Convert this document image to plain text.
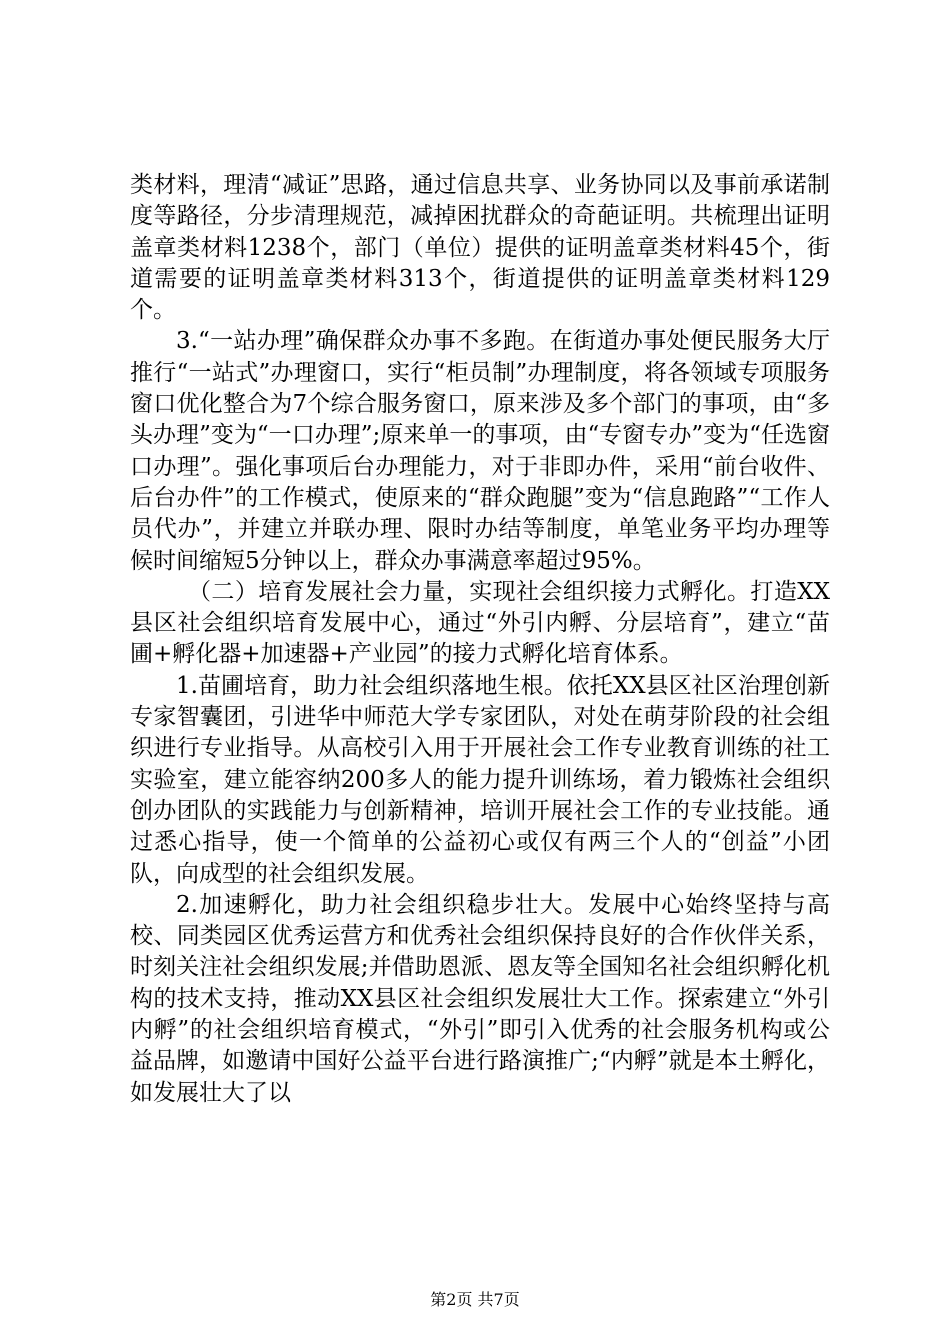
类材料，理清“减证”思路，通过信息共享、业务协同以及事前承诺制度等路径，分步清理规范，减掉困扰群众的奇葩证明。共梳理出证明盖章类材料1238个，部门（单位）提供的证明盖章类材料45个，街道需要的证明盖章类材料313个，街道提供的证明盖章类材料129个。

3.“一站办理”确保群众办事不多跑。在街道办事处便民服务大厅推行“一站式”办理窗口，实行“柜员制”办理制度，将各领域专项服务窗口优化整合为7个综合服务窗口，原来涉及多个部门的事项，由“多头办理”变为“一口办理”;原来单一的事项，由“专窗专办”变为“任选窗口办理”。强化事项后台办理能力，对于非即办件，采用“前台收件、后台办件”的工作模式，使原来的“群众跑腿”变为“信息跑路”“工作人员代办”，并建立并联办理、限时办结等制度，单笔业务平均办理等候时间缩短5分钟以上，群众办事满意率超过95%。

（二）培育发展社会力量，实现社会组织接力式孵化。打造XX县区社会组织培育发展中心，通过“外引内孵、分层培育”，建立“苗圃+孵化器+加速器+产业园”的接力式孵化培育体系。

1.苗圃培育，助力社会组织落地生根。依托XX县区社区治理创新专家智囊团，引进华中师范大学专家团队，对处在萌芽阶段的社会组织进行专业指导。从高校引入用于开展社会工作专业教育训练的社工实验室，建立能容纳200多人的能力提升训练场，着力锻炼社会组织创办团队的实践能力与创新精神，培训开展社会工作的专业技能。通过悉心指导，使一个简单的公益初心或仅有两三个人的“创益”小团队，向成型的社会组织发展。

2.加速孵化，助力社会组织稳步壮大。发展中心始终坚持与高校、同类园区优秀运营方和优秀社会组织保持良好的合作伙伴关系，时刻关注社会组织发展;并借助恩派、恩友等全国知名社会组织孵化机构的技术支持，推动XX县区社会组织发展壮大工作。探索建立“外引内孵”的社会组织培育模式，“外引”即引入优秀的社会服务机构或公益品牌，如邀请中国好公益平台进行路演推广;“内孵”就是本土孵化，如发展壮大了以

第2页 共7页
